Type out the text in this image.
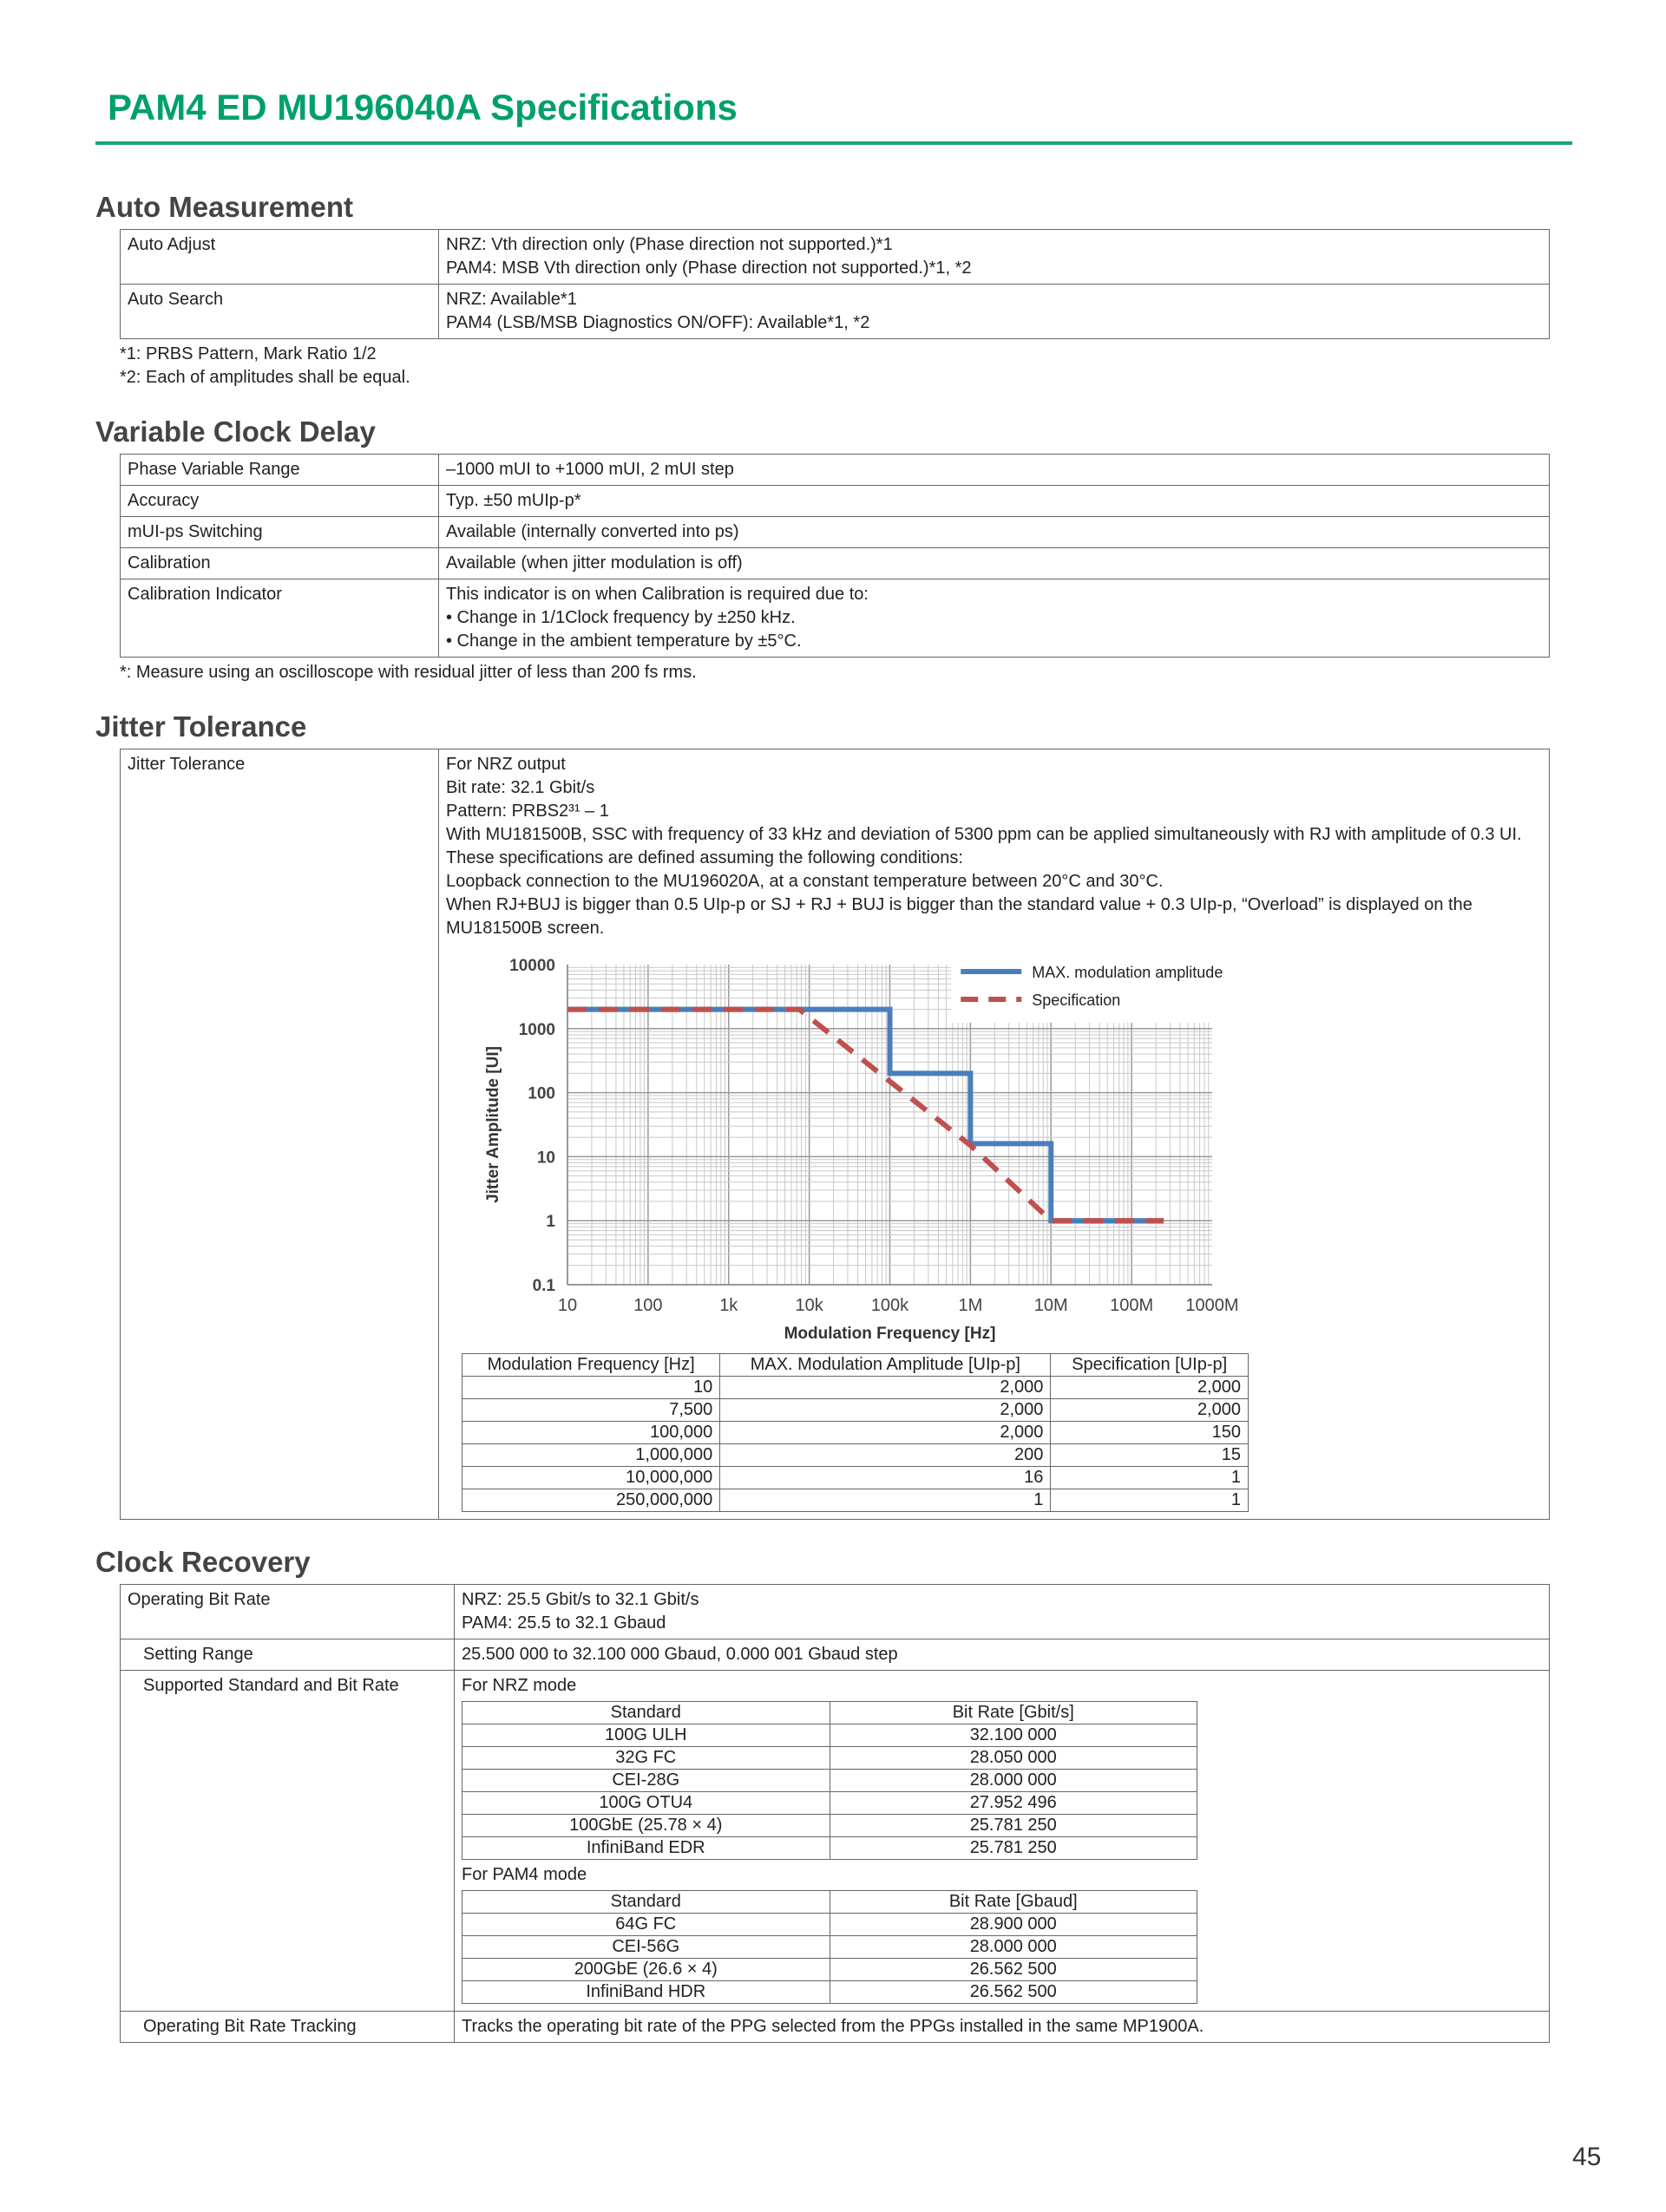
PAM4 ED MU196040A Specifications
Auto Measurement
Auto Adjust	NRZ: Vth direction only (Phase direction not supported.)*1
PAM4: MSB Vth direction only (Phase direction not supported.)*1, *2

Auto Search	NRZ: Available*1
PAM4 (LSB/MSB Diagnostics ON/OFF): Available*1, *2
*1: PRBS Pattern, Mark Ratio 1/2
*2: Each of amplitudes shall be equal.
Variable Clock Delay
Phase Variable Range	–1000 mUI to +1000 mUI, 2 mUI step

Accuracy	Typ. ±50 mUIp-p*

mUI-ps Switching	Available (internally converted into ps)

Calibration	Available (when jitter modulation is off)

Calibration Indicator	This indicator is on when Calibration is required due to:
• Change in 1/1Clock frequency by ±250 kHz.
• Change in the ambient temperature by ±5°C.
*: Measure using an oscilloscope with residual jitter of less than 200 fs rms.
Jitter Tolerance
Jitter Tolerance	For NRZ output
Bit rate: 32.1 Gbit/s
Pattern: PRBS2³¹ – 1
With MU181500B, SSC with frequency of 33 kHz and deviation of 5300 ppm can be applied simultaneously with RJ with amplitude of 0.3 UI.
These specifications are defined assuming the following conditions:
Loopback connection to the MU196020A, at a constant temperature between 20°C and 30°C.
When RJ+BUJ is bigger than 0.5 UIp-p or SJ + RJ + BUJ is bigger than the standard value + 0.3 UIp-p, “Overload” is displayed on the MU181500B screen.
10	100	1k	10k	100k	1M	10M 100M 1000M
10000
1000
100
10
1
0.1
Modulation Frequency [Hz]
Jitter Amplitude [UI]
MAX. modulation amplitude
Specification
Modulation Frequency [Hz]	MAX. Modulation Amplitude [UIp-p]	Specification [UIp-p]
10	2,000	2,000
7,500	2,000	2,000
100,000	2,000	150
1,000,000	200	15
10,000,000	16	1
250,000,000	1	1
Clock Recovery
Operating Bit Rate	NRZ: 25.5 Gbit/s to 32.1 Gbit/s
PAM4: 25.5 to 32.1 Gbaud

Setting Range	25.500 000 to 32.100 000 Gbaud, 0.000 001 Gbaud step

Supported Standard and Bit Rate	For NRZ mode
Standard	Bit Rate [Gbit/s]
100G ULH	32.100 000
32G FC	28.050 000
CEI-28G	28.000 000
100G OTU4	27.952 496
100GbE (25.78 × 4)	25.781 250
InfiniBand EDR	25.781 250
For PAM4 mode
Standard	Bit Rate [Gbaud]
64G FC	28.900 000
CEI-56G	28.000 000
200GbE (26.6 × 4)	26.562 500
InfiniBand HDR	26.562 500

Operating Bit Rate Tracking	Tracks the operating bit rate of the PPG selected from the PPGs installed in the same MP1900A.
45
